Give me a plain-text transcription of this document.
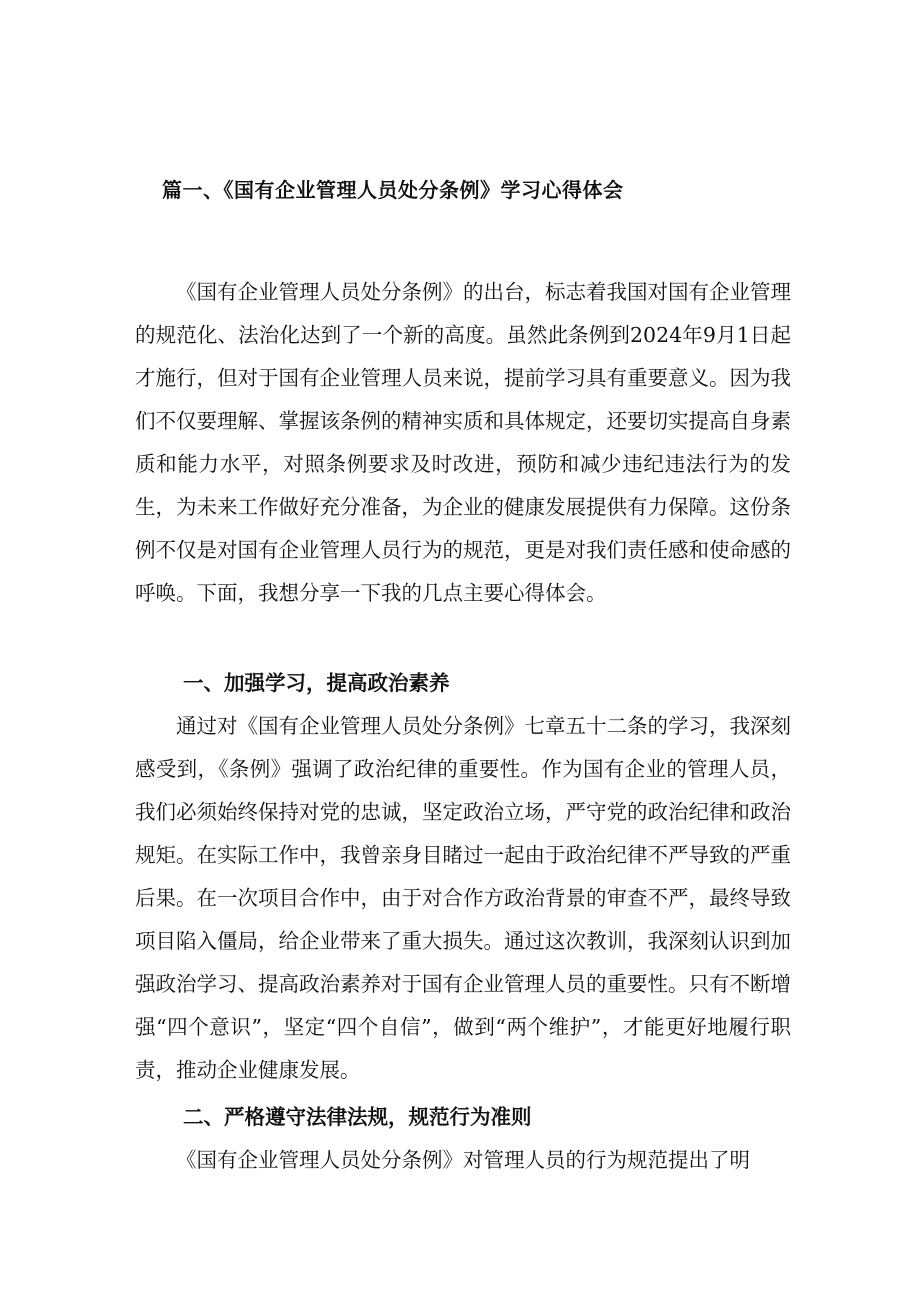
篇一、《国有企业管理人员处分条例》学习心得体会

《国有企业管理人员处分条例》的出台，标志着我国对国有企业管理的规范化、法治化达到了一个新的高度。虽然此条例到2024年9月1日起才施行，但对于国有企业管理人员来说，提前学习具有重要意义。因为我们不仅要理解、掌握该条例的精神实质和具体规定，还要切实提高自身素质和能力水平，对照条例要求及时改进，预防和减少违纪违法行为的发生，为未来工作做好充分准备，为企业的健康发展提供有力保障。这份条例不仅是对国有企业管理人员行为的规范，更是对我们责任感和使命感的呼唤。下面，我想分享一下我的几点主要心得体会。

一、加强学习，提高政治素养

通过对《国有企业管理人员处分条例》七章五十二条的学习，我深刻感受到，《条例》强调了政治纪律的重要性。作为国有企业的管理人员，我们必须始终保持对党的忠诚，坚定政治立场，严守党的政治纪律和政治规矩。在实际工作中，我曾亲身目睹过一起由于政治纪律不严导致的严重后果。在一次项目合作中，由于对合作方政治背景的审查不严，最终导致项目陷入僵局，给企业带来了重大损失。通过这次教训，我深刻认识到加强政治学习、提高政治素养对于国有企业管理人员的重要性。只有不断增强“四个意识”，坚定“四个自信”，做到“两个维护”，才能更好地履行职责，推动企业健康发展。

二、严格遵守法律法规，规范行为准则

《国有企业管理人员处分条例》对管理人员的行为规范提出了明
